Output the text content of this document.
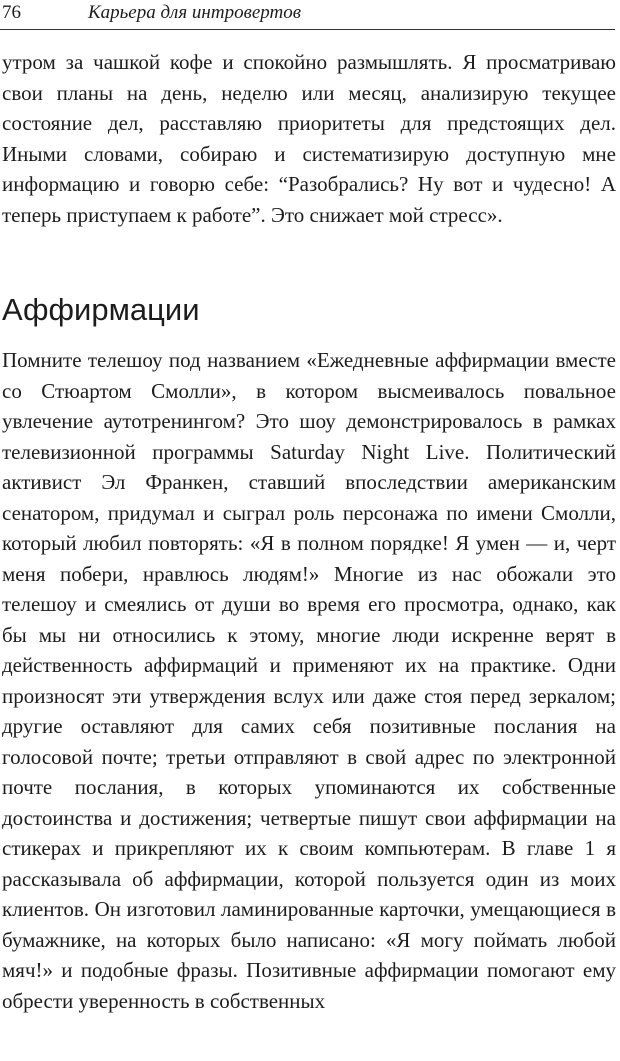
76	Карьера для интровертов

утром за чашкой кофе и спокойно размышлять. Я просматриваю свои планы на день, неделю или месяц, анализирую текущее состояние дел, расставляю приоритеты для предстоящих дел. Иными словами, собираю и систематизирую доступную мне информацию и говорю себе: “Разобрались? Ну вот и чудесно! А теперь приступаем к работе”. Это снижает мой стресс».

Аффирмации

Помните телешоу под названием «Ежедневные аффирмации вместе со Стюартом Смолли», в котором высмеивалось повальное увлечение аутотренингом? Это шоу демонстрировалось в рамках телевизионной программы Saturday Night Live. Политический активист Эл Франкен, ставший впоследствии американским сенатором, придумал и сыграл роль персонажа по имени Смолли, который любил повторять: «Я в полном порядке! Я умен — и, черт меня побери, нравлюсь людям!» Многие из нас обожали это телешоу и смеялись от души во время его просмотра, однако, как бы мы ни относились к этому, многие люди искренне верят в действенность аффирмаций и применяют их на практике. Одни произносят эти утверждения вслух или даже стоя перед зеркалом; другие оставляют для самих себя позитивные послания на голосовой почте; третьи отправляют в свой адрес по электронной почте послания, в которых упоминаются их собственные достоинства и достижения; четвертые пишут свои аффирмации на стикерах и прикрепляют их к своим компьютерам. В главе 1 я рассказывала об аффирмации, которой пользуется один из моих клиентов. Он изготовил ламинированные карточки, умещающиеся в бумажнике, на которых было написано: «Я могу поймать любой мяч!» и подобные фразы. Позитивные аффирмации помогают ему обрести уверенность в собственных
